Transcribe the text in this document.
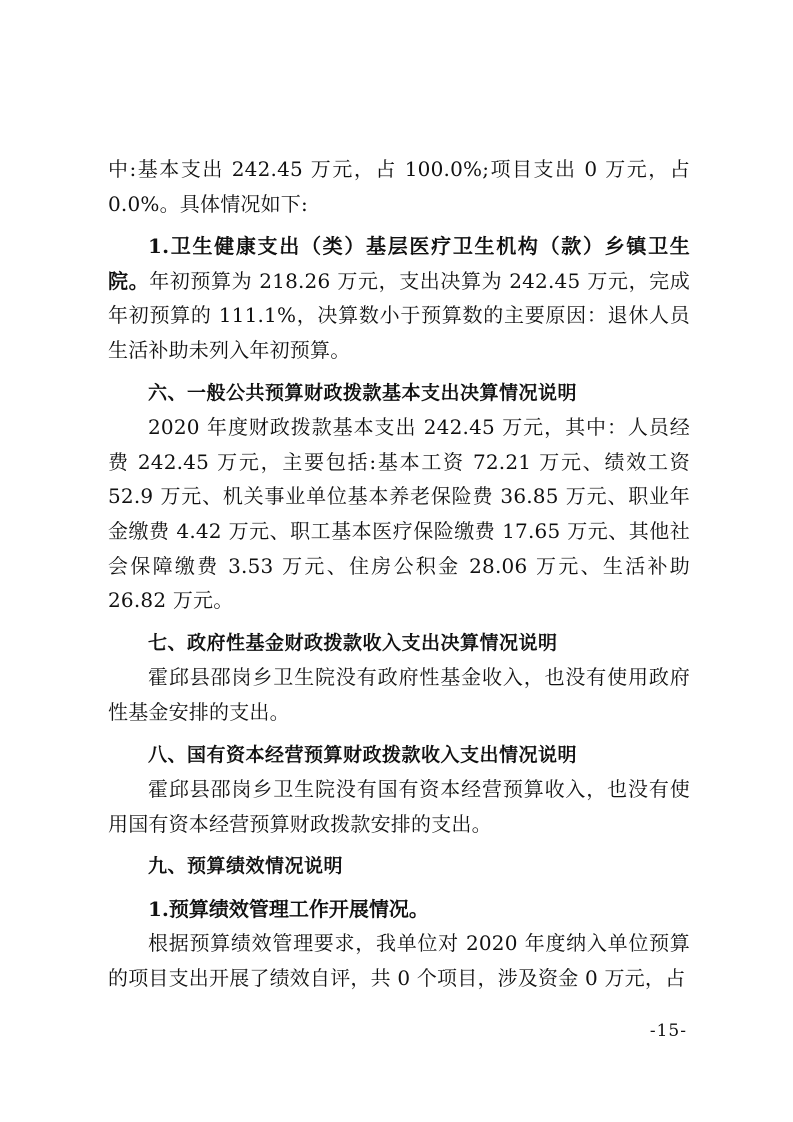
中:基本支出 242.45 万元，占 100.0%;项目支出 0 万元，占 0.0%。具体情况如下:

1.卫生健康支出（类）基层医疗卫生机构（款）乡镇卫生院。年初预算为 218.26 万元，支出决算为 242.45 万元，完成年初预算的 111.1%，决算数小于预算数的主要原因：退休人员生活补助未列入年初预算。

六、一般公共预算财政拨款基本支出决算情况说明

2020 年度财政拨款基本支出 242.45 万元，其中：人员经费 242.45 万元，主要包括:基本工资 72.21 万元、绩效工资 52.9 万元、机关事业单位基本养老保险费 36.85 万元、职业年金缴费 4.42 万元、职工基本医疗保险缴费 17.65 万元、其他社会保障缴费 3.53 万元、住房公积金 28.06 万元、生活补助 26.82 万元。

七、政府性基金财政拨款收入支出决算情况说明

霍邱县邵岗乡卫生院没有政府性基金收入，也没有使用政府性基金安排的支出。

八、国有资本经营预算财政拨款收入支出情况说明

霍邱县邵岗乡卫生院没有国有资本经营预算收入，也没有使用国有资本经营预算财政拨款安排的支出。

九、预算绩效情况说明

1.预算绩效管理工作开展情况。

根据预算绩效管理要求，我单位对 2020 年度纳入单位预算的项目支出开展了绩效自评，共 0 个项目，涉及资金 0 万元，占

-15-
